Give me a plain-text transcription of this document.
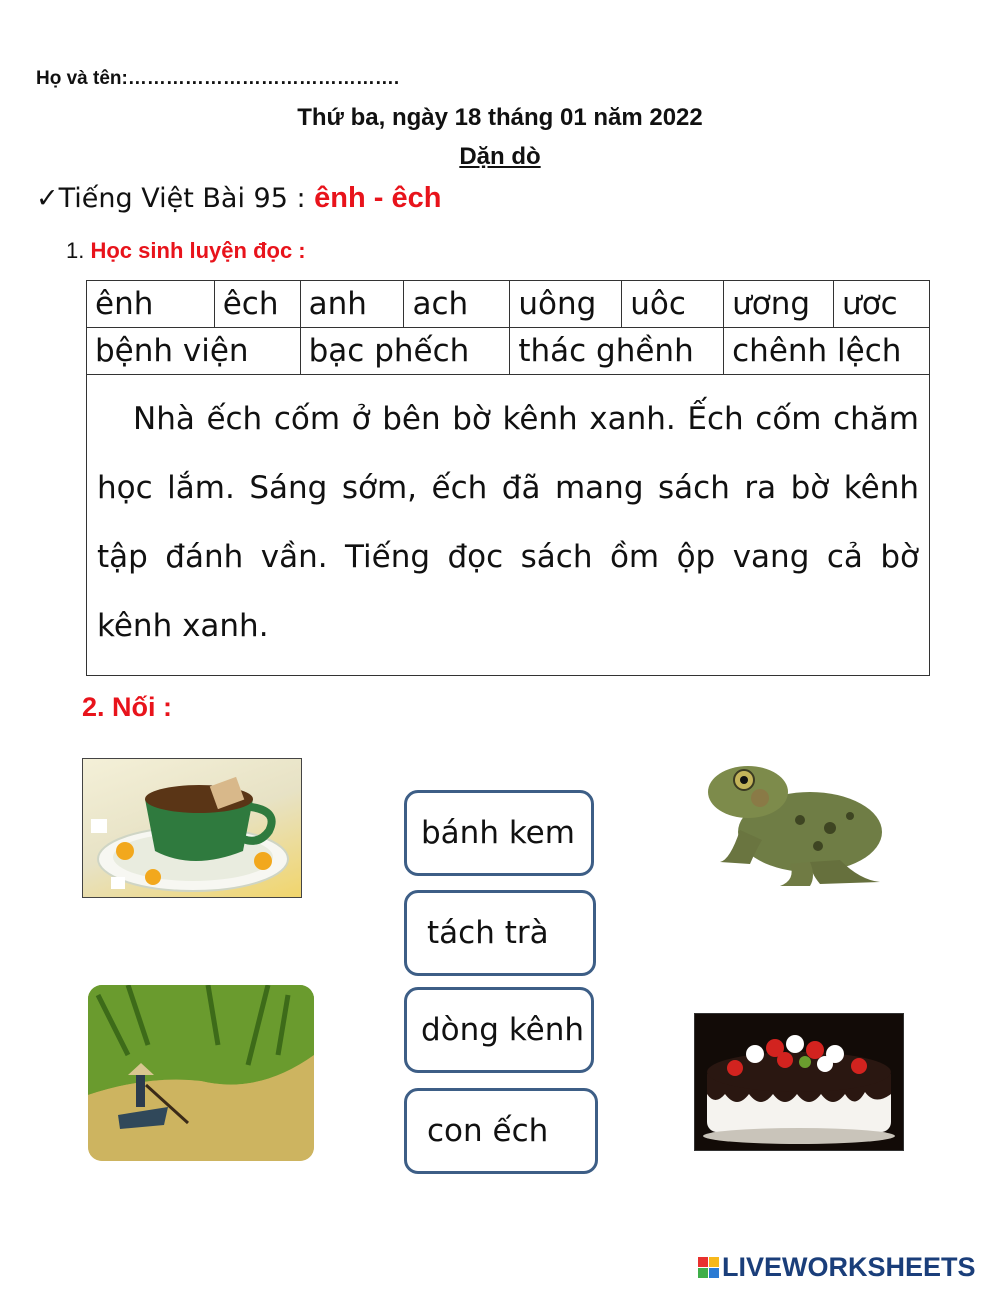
Họ và tên:…………………………………….
Thứ ba, ngày 18 tháng 01 năm 2022
Dặn dò
✓Tiếng Việt Bài 95 : ênh - êch
1. Học sinh luyện đọc :
ênh	êch	anh	ach	uông	uôc	ương	ươc
bệnh viện		bạc phếch		thác ghềnh		chênh lệch	
Nhà ếch cốm ở bên bờ kênh xanh. Ếch cốm chăm học lắm. Sáng sớm, ếch đã mang sách ra bờ kênh tập đánh vần. Tiếng đọc sách ồm ộp vang cả bờ kênh xanh.							
2. Nối :
bánh kem
tách trà
dòng kênh
con ếch
LIVEWORKSHEETS
